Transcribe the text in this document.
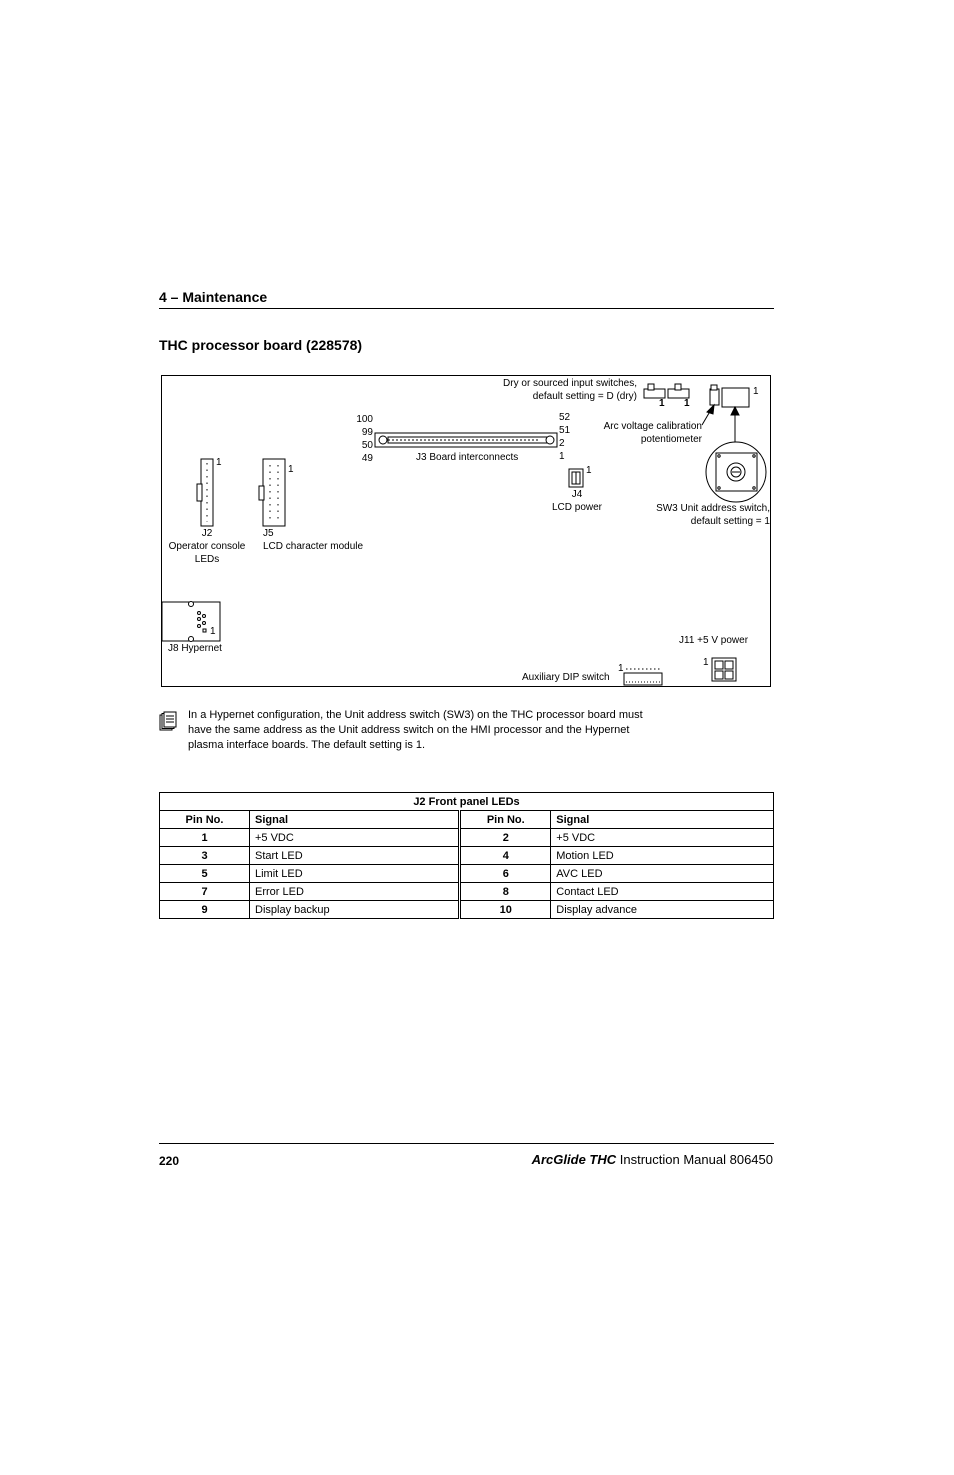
4 – Maintenance
THC processor board (228578)
Dry or sourced input switches,
default setting = D (dry)
1 1
1
Arc voltage calibration
potentiometer
100
99
50
49
52
51
2
1
J3 Board interconnects
1
J4
LCD power	SW3 Unit address switch,
default setting = 1
1
J2
Operator console
LEDs
1
J5
LCD character module
1
J8 Hypernet
J11 +5 V power
1
Auxiliary DIP switch
1
In a Hypernet configuration, the Unit address switch (SW3) on the THC processor board must have the same address as the Unit address switch on the HMI processor and the Hypernet plasma interface boards. The default setting is 1.
J2 Front panel LEDs			
Pin No.	Signal	Pin No.	Signal
1	+5 VDC	2	+5 VDC
3	Start LED	4	Motion LED
5	Limit LED	6	AVC LED
7	Error LED	8	Contact LED
9	Display backup	10	Display advance
220	ArcGlide THC Instruction Manual 806450
